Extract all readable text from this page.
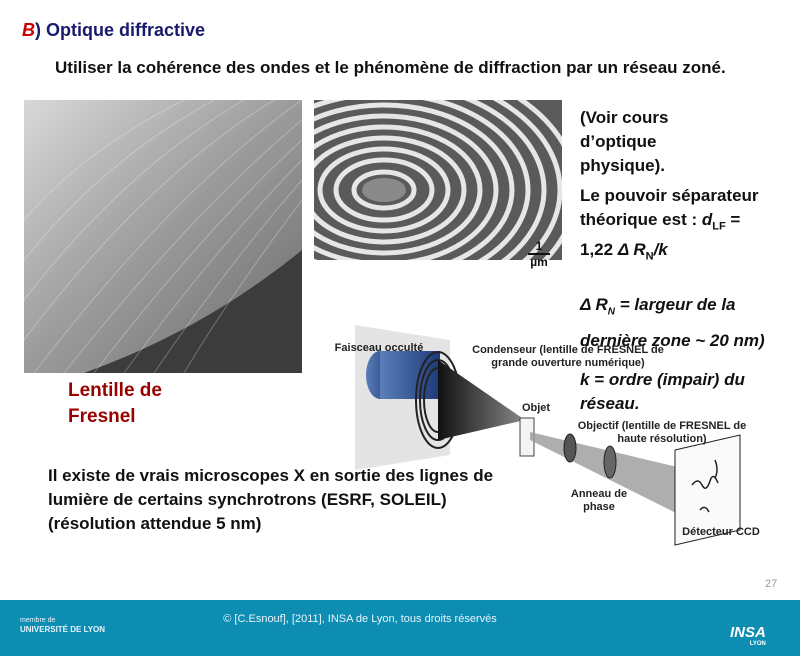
B) Optique diffractive
Utiliser la cohérence des ondes et le phénomène de diffraction par un réseau zoné.
1
µm
(Voir cours d’optique physique).
Le pouvoir séparateur théorique est : $d_{LF} = 1,22$ Δ $R_N/k$
Δ $R_N$ = largeur de la dernière zone ~ 20 nm)
k = ordre (impair) du réseau.
Lentille de Fresnel
Il existe de vrais microscopes X en sortie des lignes de lumière de certains synchrotrons (ESRF, SOLEIL) (résolution attendue 5 nm)
Faisceau occulté	Condenseur (lentille de FRESNEL de grande ouverture numérique)
Objet
Objectif (lentille de FRESNEL de haute résolution)
Anneau de phase
Détecteur CCD
27
membre de
UNIVERSITÉ DE LYON
© [C.Esnouf], [2011], INSA de Lyon, tous droits réservés
INSA
LYON
